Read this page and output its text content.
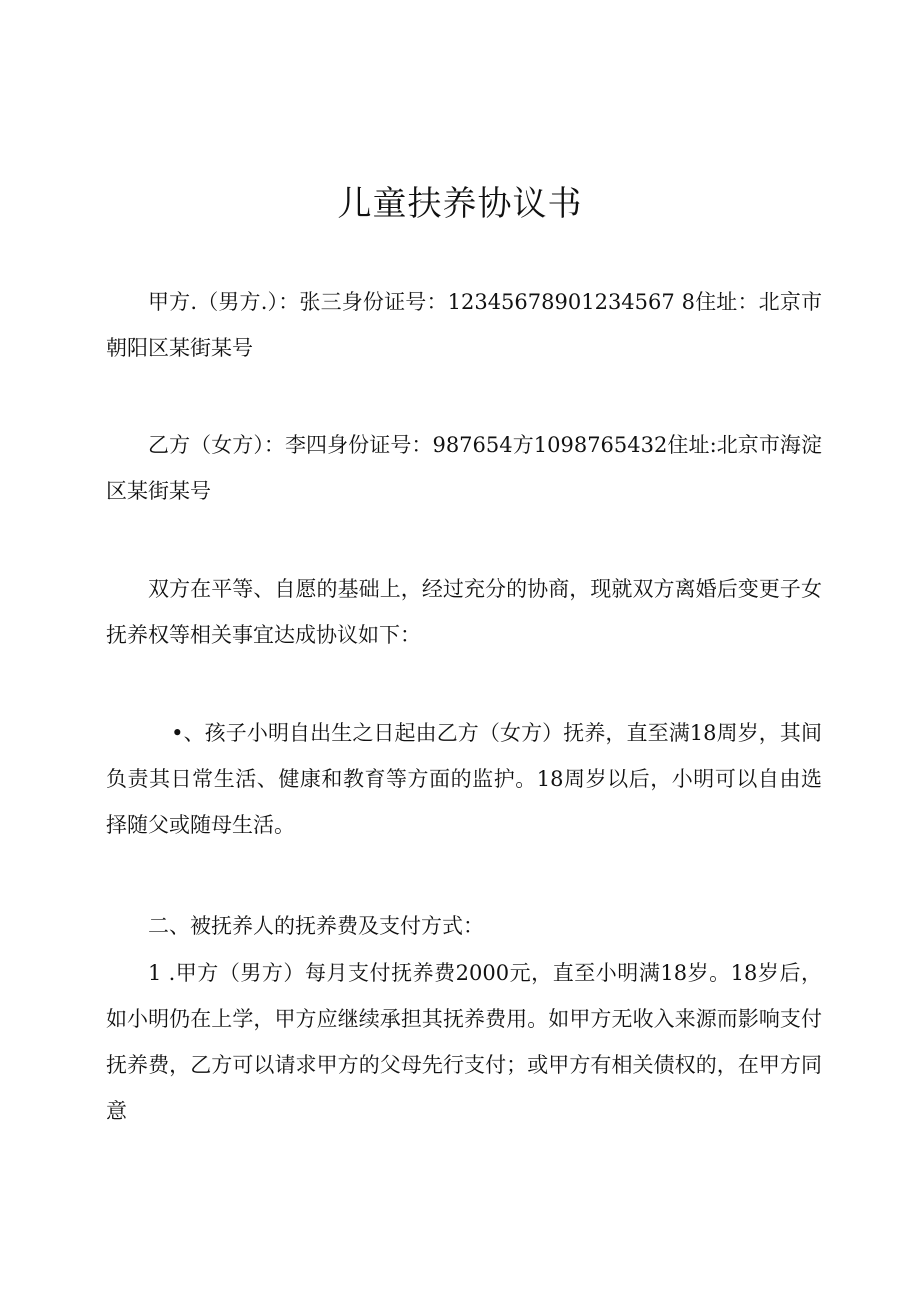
儿童扶养协议书

甲方.（男方.）：张三身份证号：12345678901234567 8住址：北京市朝阳区某街某号

乙方（女方）：李四身份证号：987654方1098765432住址:北京市海淀区某街某号

双方在平等、自愿的基础上，经过充分的协商，现就双方离婚后变更子女抚养权等相关事宜达成协议如下：

•、孩子小明自出生之日起由乙方（女方）抚养，直至满18周岁，其间负责其日常生活、健康和教育等方面的监护。18周岁以后，小明可以自由选择随父或随母生活。

二、被抚养人的抚养费及支付方式：

1 .甲方（男方）每月支付抚养费2000元，直至小明满18岁。18岁后，如小明仍在上学，甲方应继续承担其抚养费用。如甲方无收入来源而影响支付抚养费，乙方可以请求甲方的父母先行支付；或甲方有相关债权的，在甲方同意
